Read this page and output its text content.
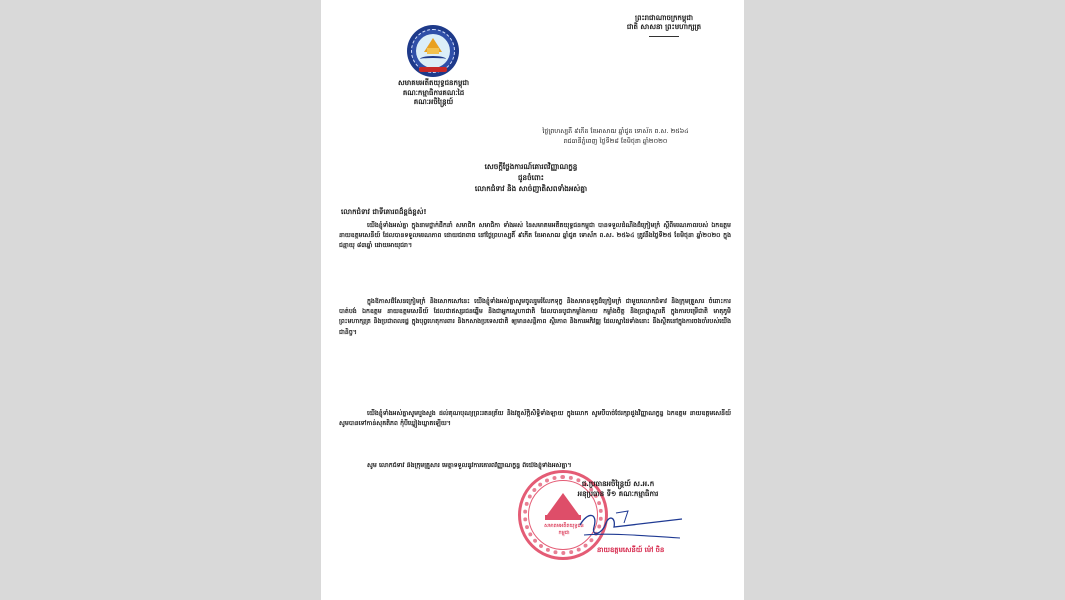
ព្រះរាជាណាចក្រកម្ពុជា
ជាតិ សាសនា ព្រះមហាក្សត្រ
សមាគមអតីតយុទ្ធជនកម្ពុជា
គណៈកម្មាធិការគណៈដៃ
គណៈអចិន្ត្រៃយ៍
ថ្ងៃព្រហស្បតិ៍ ៩កើត ខែអាសាឍ ឆ្នាំជូត ទោស័ក ព.ស. ២៥៦៤
រាជធានីភ្នំពេញ ថ្ងៃទី២៨ ខែមិថុនា ឆ្នាំ២០២០
សេចក្តីថ្លែងការណ៍គោរពវិញ្ញាណក្ខន្ធ
ជូនចំពោះ
លោកជំទាវ និង សាច់ញាតិសពទាំងអស់គ្នា
លោកជំទាវ ជាទីគោរពដ៏ខ្ពង់ខ្ពស់!
យើងខ្ញុំទាំងអស់គ្នា ក្នុងនាមថ្នាក់ដឹកនាំ សមាជិក សមាជិកា ទាំងអស់ នៃសមាគមអតីតយុទ្ធជនកម្ពុជា បានទទួលដំណឹងដ៏ក្រៀមក្រំ ស្តីពីមរណភាពរបស់ ឯកឧត្តម នាយឧត្តមសេនីយ៍ ដែលបានទទួលមរណភាព ដោយជរាពាធ នៅថ្ងៃព្រហស្បតិ៍ ៩កើត ខែអាសាឍ ឆ្នាំជូត ទោស័ក ព.ស. ២៥៦៤ ត្រូវនឹងថ្ងៃទី២៥ ខែមិថុនា ឆ្នាំ២០២០ ក្នុងជន្មាយុ ៨៣ឆ្នាំ ដោយអាយុជរា។
ក្នុងឱកាសដ៏សែនក្រៀមក្រំ និងសោកសៅនេះ យើងខ្ញុំទាំងអស់គ្នាសូមចូលរួមរំលែកទុក្ខ និងសមានទុក្ខដ៏ក្រៀមក្រំ ជាមួយលោកជំទាវ និងក្រុមគ្រួសារ ចំពោះការបាត់បង់ ឯកឧត្តម នាយឧត្តមសេនីយ៍ ដែលជាឥស្សរជនឆ្នើម និងជាអ្នកស្នេហាជាតិ ដែលបានបូជាកម្លាំងកាយ កម្លាំងចិត្ត និងប្រាជ្ញាស្មារតី ក្នុងការបម្រើជាតិ មាតុភូមិ ព្រះមហាក្សត្រ និងប្រជាពលរដ្ឋ ក្នុងបុព្វហេតុការពារ និងកសាងប្រទេសជាតិ ឲ្យមានសន្តិភាព ស្ថិរភាព និងការអភិវឌ្ឍ ដែលស្នាដៃទាំងនោះ នឹងស្ថិតនៅក្នុងការចងចាំរបស់យើងជានិច្ច។
យើងខ្ញុំទាំងអស់គ្នាសូមបួងសួង ដល់គុណបុណ្យព្រះរតនត្រ័យ និងវត្ថុស័ក្តិសិទ្ធិទាំងឡាយ ក្នុងលោក សូមបីបាច់ថែរក្សាដួងវិញ្ញាណក្ខន្ធ ឯកឧត្តម នាយឧត្តមសេនីយ៍ សូមបានទៅកាន់សុគតិភព កុំបីឃ្លៀងឃ្លាតឡើយ។
សូម លោកជំទាវ និងក្រុមគ្រួសារ មេត្តាទទួលនូវការគោរពវិញ្ញាណក្ខន្ធ ពីយើងខ្ញុំទាំងអស់គ្នា។
សមាគមអតីតយុទ្ធជន កម្ពុជា
ជ.ប្រធានអចិន្ត្រៃយ៍ ស.អ.ក
អនុប្រធាន ទី១ គណៈកម្មាធិការ
នាយឧត្តមសេនីយ៍ ម៉ៅ ចិន
